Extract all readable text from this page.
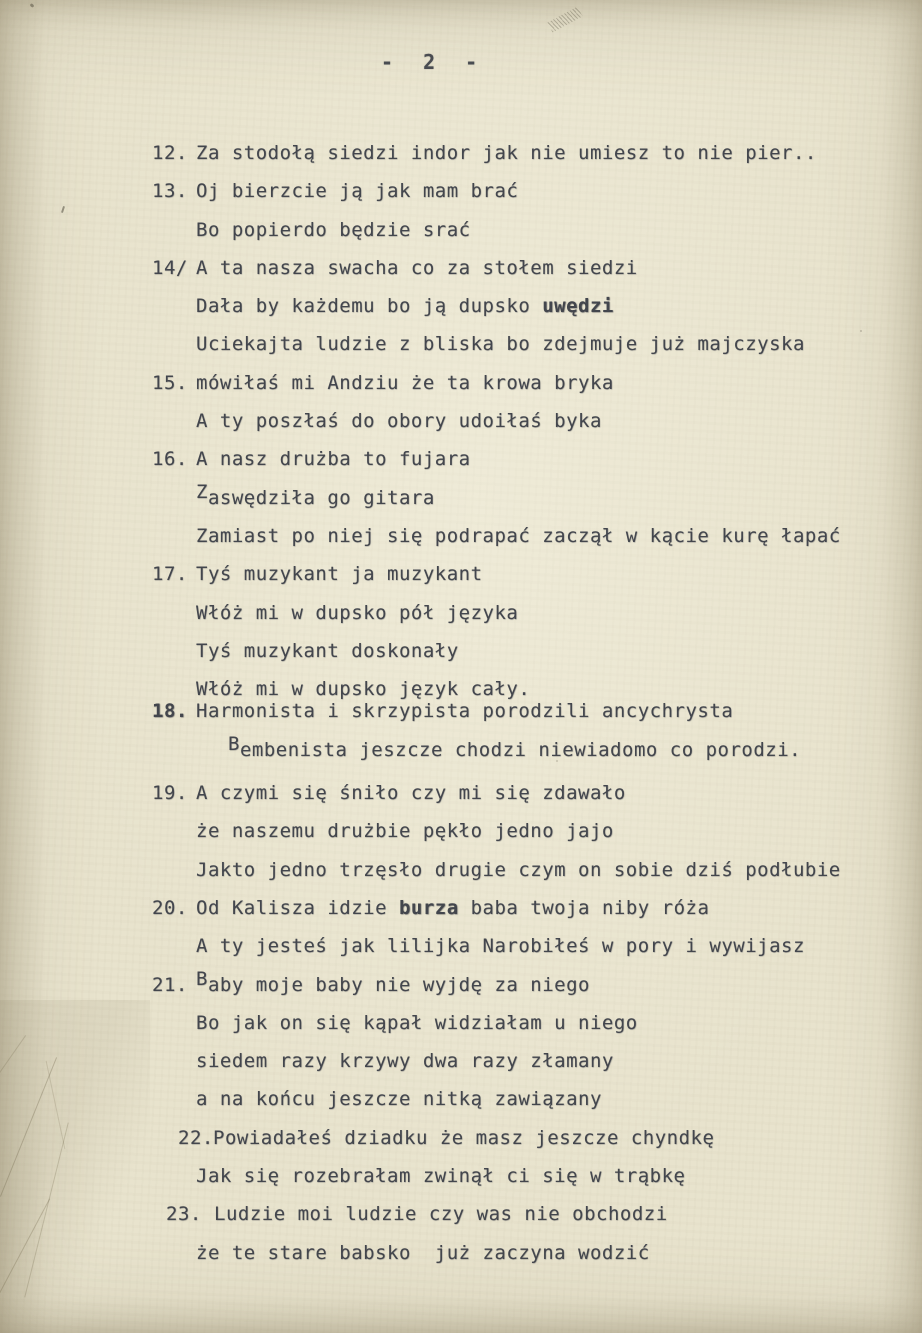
- 2 -
12. Za stodołą siedzi indor jak nie umiesz to nie pier..
13. Oj bierzcie ją jak mam brać
Bo popierdo będzie srać
14/ A ta nasza swacha co za stołem siedzi
Dała by każdemu bo ją dupsko uwędzi
Uciekajta ludzie z bliska bo zdejmuje już majczyska
15. mówiłaś mi Andziu że ta krowa bryka
A ty poszłaś do obory udoiłaś byka
16. A nasz drużba to fujara
Zaswędziła go gitara
Zamiast po niej się podrapać zaczął w kącie kurę łapać
17. Tyś muzykant ja muzykant
Włóż mi w dupsko pół języka
Tyś muzykant doskonały
Włóż mi w dupsko język cały.
18. Harmonista i skrzypista porodzili ancychrysta
Bembenista jeszcze chodzi niewiadomo co porodzi.
19. A czymi się śniło czy mi się zdawało
że naszemu drużbie pękło jedno jajo
Jakto jedno trzęsło drugie czym on sobie dziś podłubie
20. Od Kalisza idzie burza baba twoja niby róża
A ty jesteś jak lilijka Narobiłeś w pory i wywijasz
21. Baby moje baby nie wyjdę za niego
Bo jak on się kąpał widziałam u niego
siedem razy krzywy dwa razy złamany
a na końcu jeszcze nitką zawiązany
22. Powiadałeś dziadku że masz jeszcze chyndkę
Jak się rozebrałam zwinął ci się w trąbkę
23. Ludzie moi ludzie czy was nie obchodzi
że te stare babsko  już zaczyna wodzić
